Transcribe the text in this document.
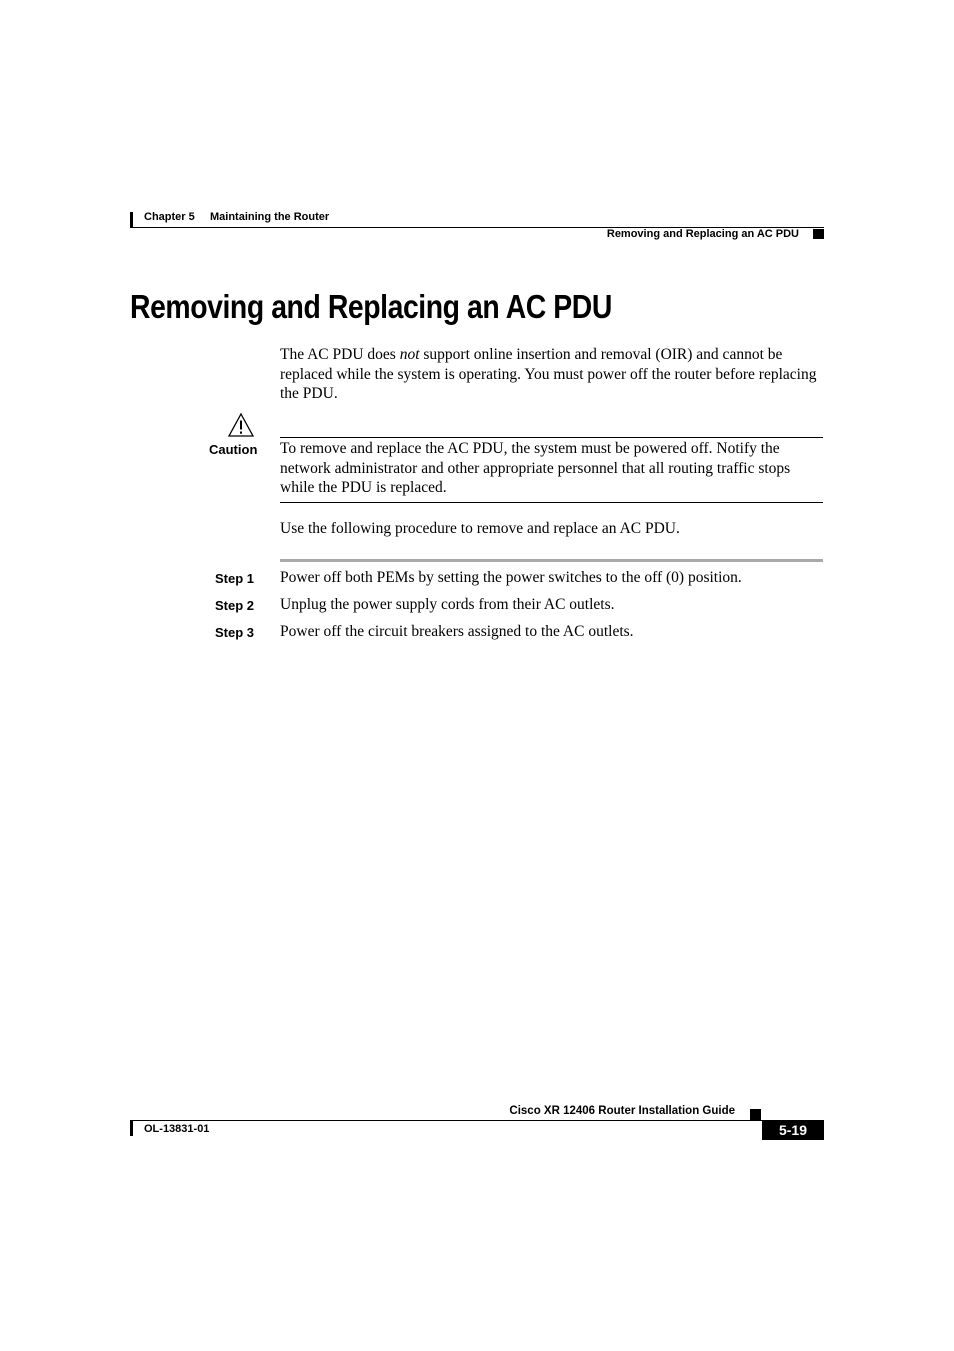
Chapter 5 Maintaining the Router
Removing and Replacing an AC PDU
Removing and Replacing an AC PDU
The AC PDU does not support online insertion and removal (OIR) and cannot be replaced while the system is operating. You must power off the router before replacing the PDU.
Caution To remove and replace the AC PDU, the system must be powered off. Notify the network administrator and other appropriate personnel that all routing traffic stops while the PDU is replaced.
Use the following procedure to remove and replace an AC PDU.
Step 1 Power off both PEMs by setting the power switches to the off (0) position.
Step 2 Unplug the power supply cords from their AC outlets.
Step 3 Power off the circuit breakers assigned to the AC outlets.
Cisco XR 12406 Router Installation Guide
OL-13831-01	5-19
